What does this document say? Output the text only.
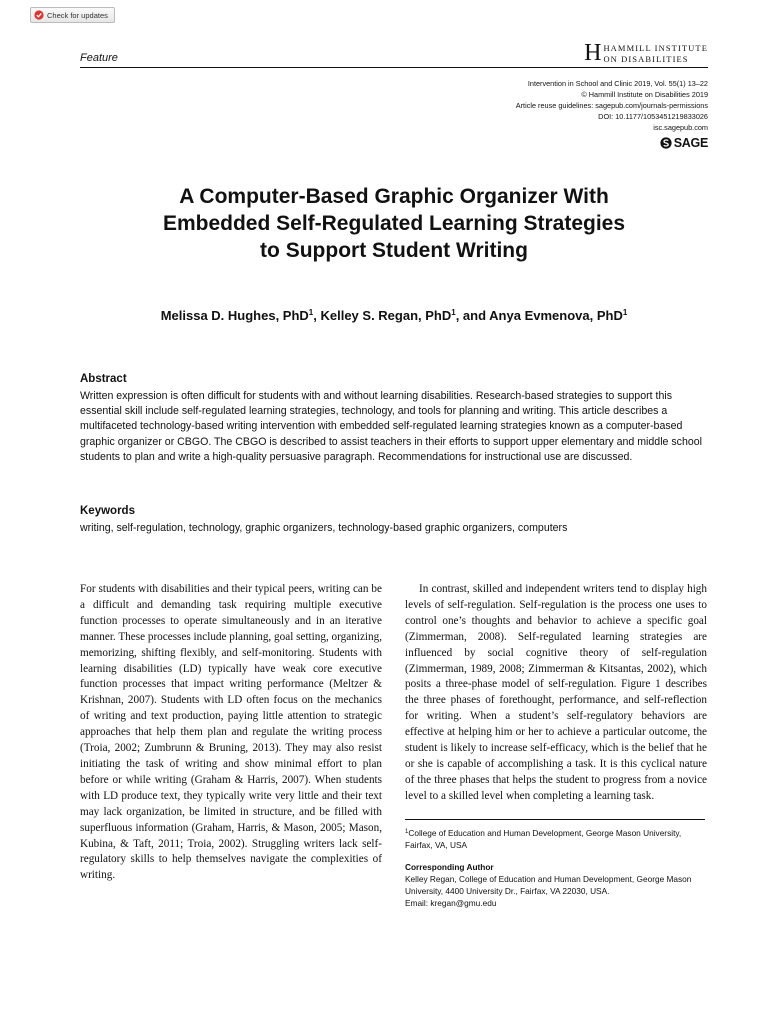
Check for updates
Feature	H HAMMILL INSTITUTE
ON DISABILITIES
Intervention in School and Clinic 2019, Vol. 55(1) 13–22
© Hammill Institute on Disabilities 2019
Article reuse guidelines: sagepub.com/journals-permissions
DOI: 10.1177/1053451219833026
isc.sagepub.com
SAGE
A Computer-Based Graphic Organizer With
Embedded Self-Regulated Learning Strategies
to Support Student Writing
Melissa D. Hughes, PhD$^1$, Kelley S. Regan, PhD$^1$, and Anya Evmenova, PhD$^1$
Abstract
Written expression is often difficult for students with and without learning disabilities. Research-based strategies to support this essential skill include self-regulated learning strategies, technology, and tools for planning and writing. This article describes a multifaceted technology-based writing intervention with embedded self-regulated learning strategies known as a computer-based graphic organizer or CBGO. The CBGO is described to assist teachers in their efforts to support upper elementary and middle school students to plan and write a high-quality persuasive paragraph. Recommendations for instructional use are discussed.
Keywords
writing, self-regulation, technology, graphic organizers, technology-based graphic organizers, computers
For students with disabilities and their typical peers, writing can be a difficult and demanding task requiring multiple executive function processes to operate simultaneously and in an iterative manner. These processes include planning, goal setting, organizing, memorizing, shifting flexibly, and self-monitoring. Students with learning disabilities (LD) typically have weak core executive function processes that impact writing performance (Meltzer & Krishnan, 2007). Students with LD often focus on the mechanics of writing and text production, paying little attention to strategic approaches that help them plan and regulate the writing process (Troia, 2002; Zumbrunn & Bruning, 2013). They may also resist initiating the task of writing and show minimal effort to plan before or while writing (Graham & Harris, 2007). When students with LD produce text, they typically write very little and their text may lack organization, be limited in structure, and be filled with superfluous information (Graham, Harris, & Mason, 2005; Mason, Kubina, & Taft, 2011; Troia, 2002). Struggling writers lack self-regulatory skills to help themselves navigate the complexities of writing.
In contrast, skilled and independent writers tend to display high levels of self-regulation. Self-regulation is the process one uses to control one’s thoughts and behavior to achieve a specific goal (Zimmerman, 2008). Self-regulated learning strategies are influenced by social cognitive theory of self-regulation (Zimmerman, 1989, 2008; Zimmerman & Kitsantas, 2002), which posits a three-phase model of self-regulation. Figure 1 describes the three phases of forethought, performance, and self-reflection for writing. When a student’s self-regulatory behaviors are effective at helping him or her to achieve a particular outcome, the student is likely to increase self-efficacy, which is the belief that he or she is capable of accomplishing a task. It is this cyclical nature of the three phases that helps the student to progress from a novice level to a skilled level when completing a learning task.
$^1$College of Education and Human Development, George Mason University, Fairfax, VA, USA
Corresponding Author
Kelley Regan, College of Education and Human Development, George Mason University, 4400 University Dr., Fairfax, VA 22030, USA.
Email: kregan@gmu.edu
